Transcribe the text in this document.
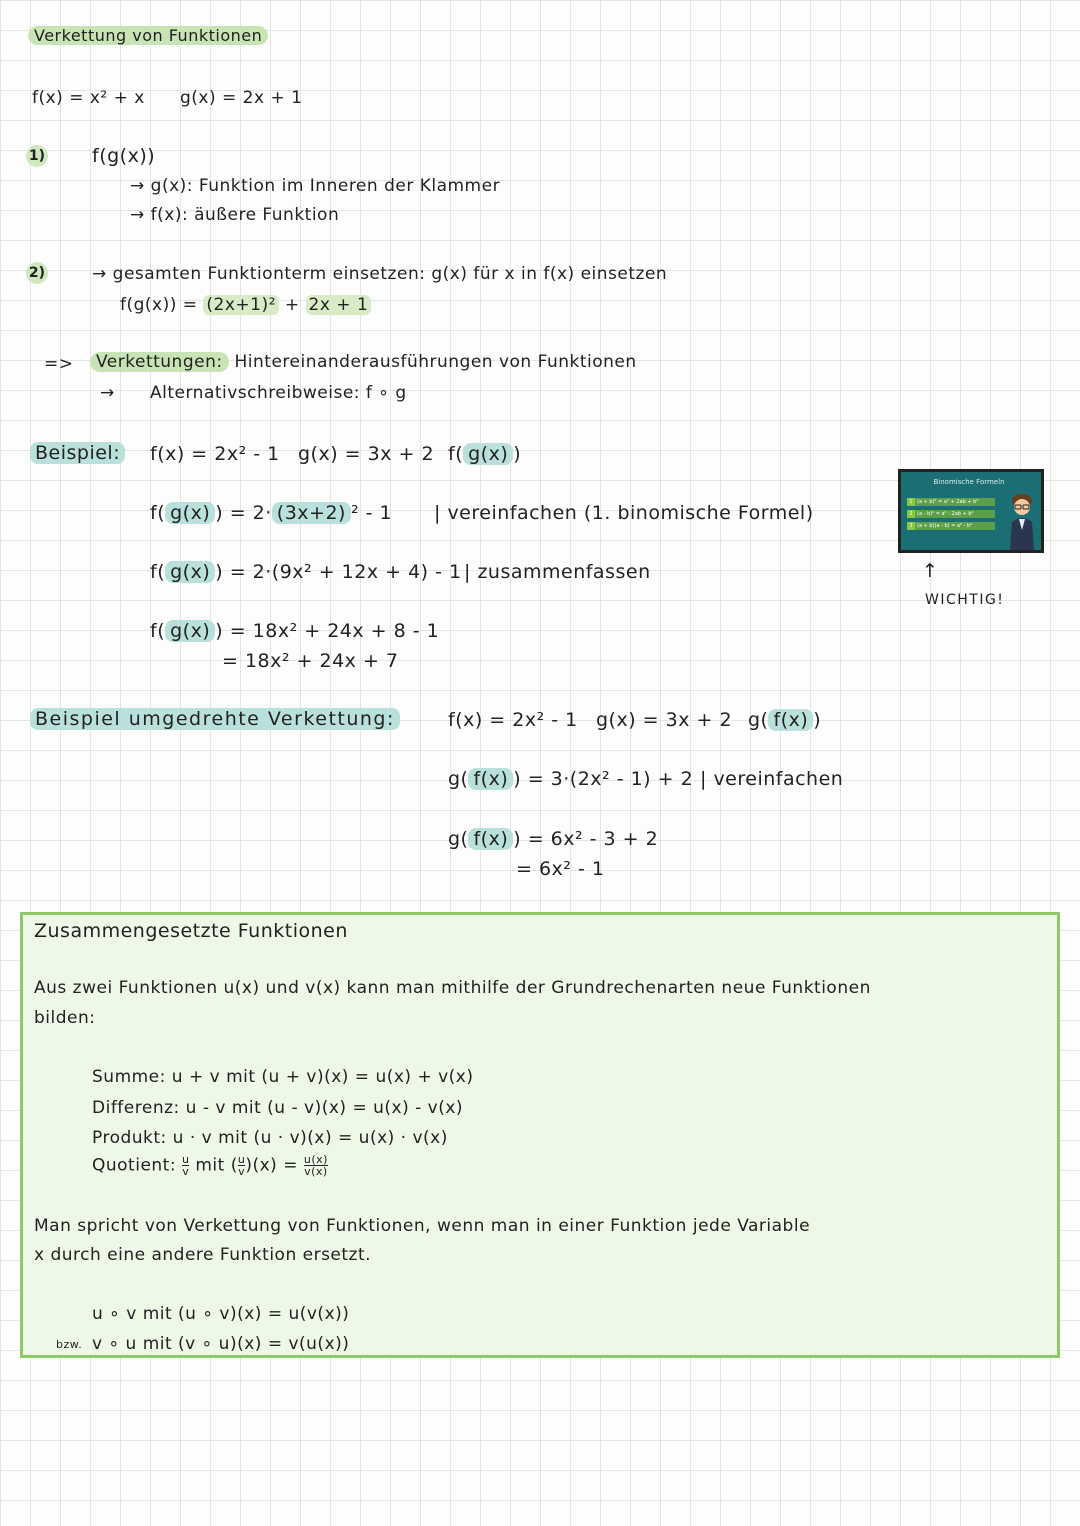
Verkettung von Funktionen
f(x) = x² + x g(x) = 2x + 1
1) f(g(x))
→ g(x): Funktion im Inneren der Klammer
→ f(x): äußere Funktion
2)	→ gesamten Funktionterm einsetzen: g(x) für x in f(x) einsetzen
f(g(x)) = (2x+1)² + 2x + 1
=>	Verkettungen: Hintereinanderausführungen von Funktionen
→ Alternativschreibweise: f ∘ g
Beispiel: f(x) = 2x² - 1 g(x) = 3x + 2 f( g(x) )
f( g(x) ) = 2· (3x+2) ² - 1 | vereinfachen (1. binomische Formel)
f( g(x) ) = 2·(9x² + 12x + 4) - 1 | zusammenfassen
f( g(x) ) = 18x² + 24x + 8 - 1
= 18x² + 24x + 7
Binomische Formeln
1 (a + b)² = a² + 2ab + b²
2 (a - b)² = a² - 2ab + b²
3 (a + b)(a - b) = a² - b²
↑
WICHTIG!
Beispiel umgedrehte Verkettung:	f(x) = 2x² - 1 g(x) = 3x + 2 g( f(x) )
g( f(x) ) = 3·(2x² - 1) + 2 | vereinfachen
g( f(x) ) = 6x² - 3 + 2
= 6x² - 1
Zusammengesetzte Funktionen
Aus zwei Funktionen u(x) und v(x) kann man mithilfe der Grundrechenarten neue Funktionen
bilden:
Summe: u + v mit (u + v)(x) = u(x) + v(x)
Differenz: u - v mit (u - v)(x) = u(x) - v(x)
Produkt: u · v mit (u · v)(x) = u(x) · v(x)
Quotient: $\frac{u}{v}$ mit ( $\frac{u}{v} )(x) = \frac{u(x)}{v(x)}$
Man spricht von Verkettung von Funktionen, wenn man in einer Funktion jede Variable
x durch eine andere Funktion ersetzt.
u ∘ v mit (u ∘ v)(x) = u(v(x))
bzw. v ∘ u mit (v ∘ u)(x) = v(u(x))
